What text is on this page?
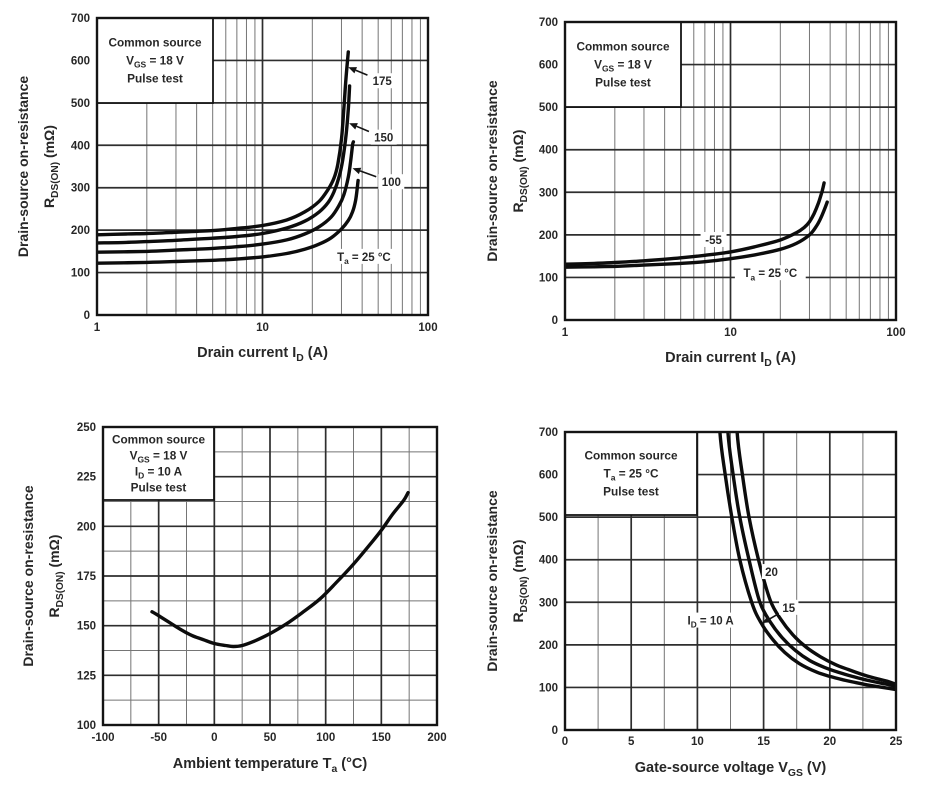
Common source
$V_{GS} = 18$ V
Pulse test	175
150
100
$T_a = 25$ °C
1	10	100
0
100
200
300
400
500
600
700
Drain current $I_D$ (A)
Drain-source on-resistance $R_{DS(ON)}$ (mΩ)
Common source
$V_{GS} = 18$ V
Pulse test
-55
$T_a = 25$ °C
1	10	100
0
100
200
300
400
500
600
700
Drain current $I_D$ (A)
Drain-source on-resistance $R_{DS(ON)}$ (mΩ)
Common source
$V_{GS} = 18$ V
$I_D = 10$ A
Pulse test
-100	-50	0	50	100	150	200
100
125
150
175
200
225
250
Ambient temperature $T_a$ (°C)
Drain-source on-resistance $R_{DS(ON)}$ (mΩ)
Common source
$T_a = 25$ °C
Pulse test
20
15
$I_D = 10$ A
0	5	10	15	20	25
0
100
200
300
400
500
600
700
Gate-source voltage $V_{GS}$ (V)
Drain-source on-resistance $R_{DS(ON)}$ (mΩ)
